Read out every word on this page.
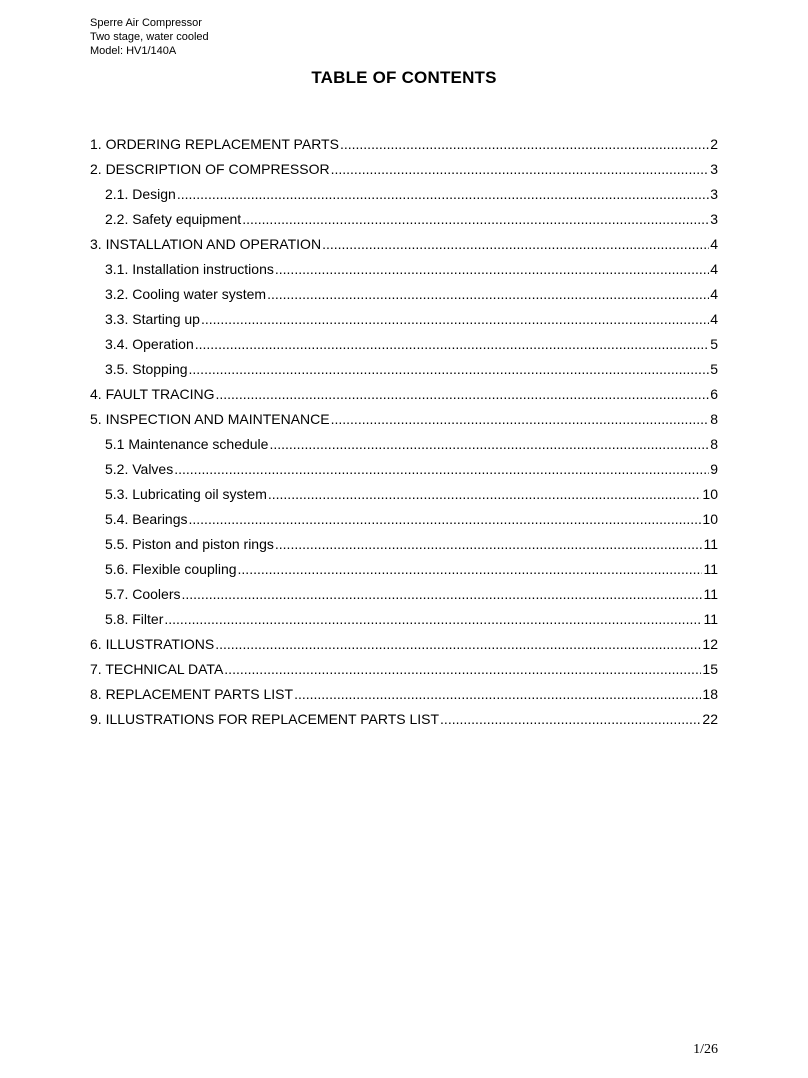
Sperre Air Compressor
Two stage, water cooled
Model: HV1/140A
TABLE OF CONTENTS
1. ORDERING REPLACEMENT PARTS .....	2
2. DESCRIPTION OF COMPRESSOR .....	3
2.1. Design .....	3
2.2. Safety equipment .....	3
3. INSTALLATION AND OPERATION .....	4
3.1. Installation instructions .....	4
3.2. Cooling water system .....	4
3.3. Starting up .....	4
3.4. Operation .....	5
3.5. Stopping .....	5
4. FAULT TRACING .....	6
5. INSPECTION AND MAINTENANCE .....	8
5.1 Maintenance schedule .....	8
5.2. Valves .....	9
5.3. Lubricating oil system .....	10
5.4. Bearings .....	10
5.5. Piston and piston rings .....	11
5.6. Flexible coupling .....	11
5.7. Coolers .....	11
5.8. Filter .....	11
6. ILLUSTRATIONS .....	12
7. TECHNICAL DATA .....	15
8. REPLACEMENT PARTS LIST .....	18
9. ILLUSTRATIONS FOR REPLACEMENT PARTS LIST .....	22
1/26
